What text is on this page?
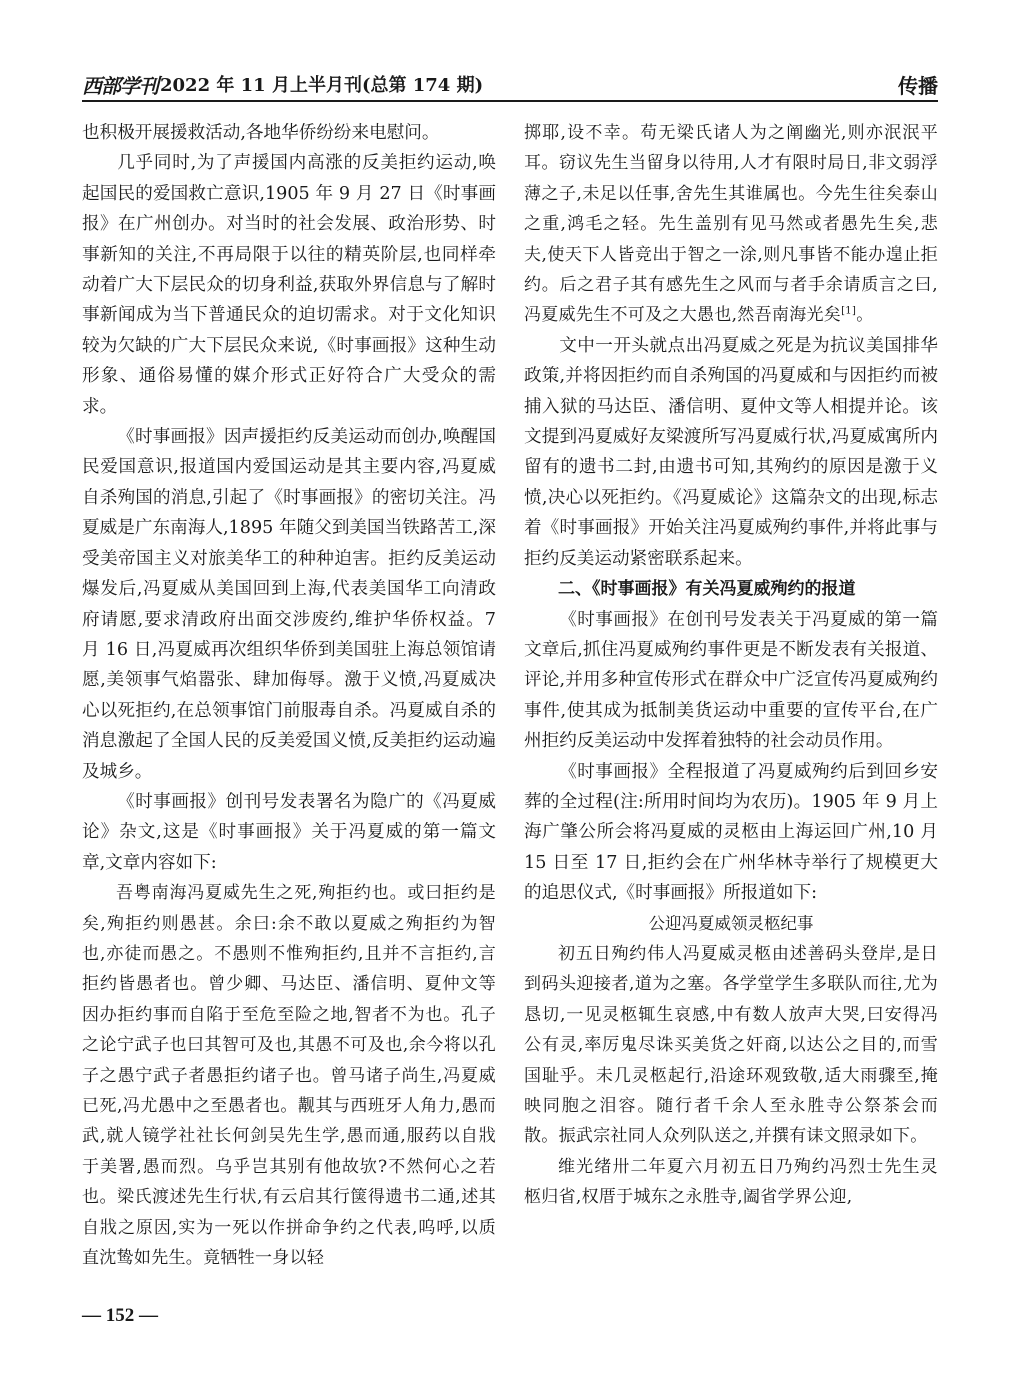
西部学刊 2022 年 11 月上半月刊(总第 174 期)	传播

也积极开展援救活动,各地华侨纷纷来电慰问。

几乎同时,为了声援国内高涨的反美拒约运动,唤起国民的爱国救亡意识,1905 年 9 月 27 日《时事画报》在广州创办。对当时的社会发展、政治形势、时事新知的关注,不再局限于以往的精英阶层,也同样牵动着广大下层民众的切身利益,获取外界信息与了解时事新闻成为当下普通民众的迫切需求。对于文化知识较为欠缺的广大下层民众来说,《时事画报》这种生动形象、通俗易懂的媒介形式正好符合广大受众的需求。

《时事画报》因声援拒约反美运动而创办,唤醒国民爱国意识,报道国内爱国运动是其主要内容,冯夏威自杀殉国的消息,引起了《时事画报》的密切关注。冯夏威是广东南海人,1895 年随父到美国当铁路苦工,深受美帝国主义对旅美华工的种种迫害。拒约反美运动爆发后,冯夏威从美国回到上海,代表美国华工向清政府请愿,要求清政府出面交涉废约,维护华侨权益。7 月 16 日,冯夏威再次组织华侨到美国驻上海总领馆请愿,美领事气焰嚣张、肆加侮辱。激于义愤,冯夏威决心以死拒约,在总领事馆门前服毒自杀。冯夏威自杀的消息激起了全国人民的反美爱国义愤,反美拒约运动遍及城乡。

《时事画报》创刊号发表署名为隐广的《冯夏威论》杂文,这是《时事画报》关于冯夏威的第一篇文章,文章内容如下:

吾粤南海冯夏威先生之死,殉拒约也。或曰拒约是矣,殉拒约则愚甚。余曰:余不敢以夏威之殉拒约为智也,亦徒而愚之。不愚则不惟殉拒约,且并不言拒约,言拒约皆愚者也。曾少卿、马达臣、潘信明、夏仲文等因办拒约事而自陷于至危至险之地,智者不为也。孔子之论宁武子也曰其智可及也,其愚不可及也,余今将以孔子之愚宁武子者愚拒约诸子也。曾马诸子尚生,冯夏威已死,冯尤愚中之至愚者也。觏其与西班牙人角力,愚而武,就人镜学社社长何剑吴先生学,愚而通,服药以自戕于美署,愚而烈。乌乎岂其别有他故欤?不然何心之若也。梁氏渡述先生行状,有云启其行箧得遗书二通,述其自戕之原因,实为一死以作拼命争约之代表,呜呼,以质直沈鸷如先生。竟牺牲一身以轻

掷耶,设不幸。苟无梁氏诸人为之阐幽光,则亦泯泯平耳。窃议先生当留身以待用,人才有限时局日,非文弱浮薄之子,未足以任事,舍先生其谁属也。今先生往矣泰山之重,鸿毛之轻。先生盖别有见马然或者愚先生矣,悲夫,使天下人皆竞出于智之一涂,则凡事皆不能办遑止拒约。后之君子其有感先生之风而与者手余请质言之曰,冯夏威先生不可及之大愚也,然吾南海光矣[1]。

文中一开头就点出冯夏威之死是为抗议美国排华政策,并将因拒约而自杀殉国的冯夏威和与因拒约而被捕入狱的马达臣、潘信明、夏仲文等人相提并论。该文提到冯夏威好友梁渡所写冯夏威行状,冯夏威寓所内留有的遗书二封,由遗书可知,其殉约的原因是激于义愤,决心以死拒约。《冯夏威论》这篇杂文的出现,标志着《时事画报》开始关注冯夏威殉约事件,并将此事与拒约反美运动紧密联系起来。

二、《时事画报》有关冯夏威殉约的报道

《时事画报》在创刊号发表关于冯夏威的第一篇文章后,抓住冯夏威殉约事件更是不断发表有关报道、评论,并用多种宣传形式在群众中广泛宣传冯夏威殉约事件,使其成为抵制美货运动中重要的宣传平台,在广州拒约反美运动中发挥着独特的社会动员作用。

《时事画报》全程报道了冯夏威殉约后到回乡安葬的全过程(注:所用时间均为农历)。1905 年 9 月上海广肇公所会将冯夏威的灵柩由上海运回广州,10 月 15 日至 17 日,拒约会在广州华林寺举行了规模更大的追思仪式,《时事画报》所报道如下:

公迎冯夏威领灵柩纪事

初五日殉约伟人冯夏威灵柩由述善码头登岸,是日到码头迎接者,道为之塞。各学堂学生多联队而往,尤为恳切,一见灵柩辄生哀感,中有数人放声大哭,曰安得冯公有灵,率厉鬼尽诛买美货之奸商,以达公之目的,而雪国耻乎。未几灵柩起行,沿途环观致敬,适大雨骤至,掩映同胞之泪容。随行者千余人至永胜寺公祭茶会而散。振武宗社同人众列队送之,并撰有诔文照录如下。

维光绪卅二年夏六月初五日乃殉约冯烈士先生灵柩归省,权厝于城东之永胜寺,阖省学界公迎,

— 152 —
